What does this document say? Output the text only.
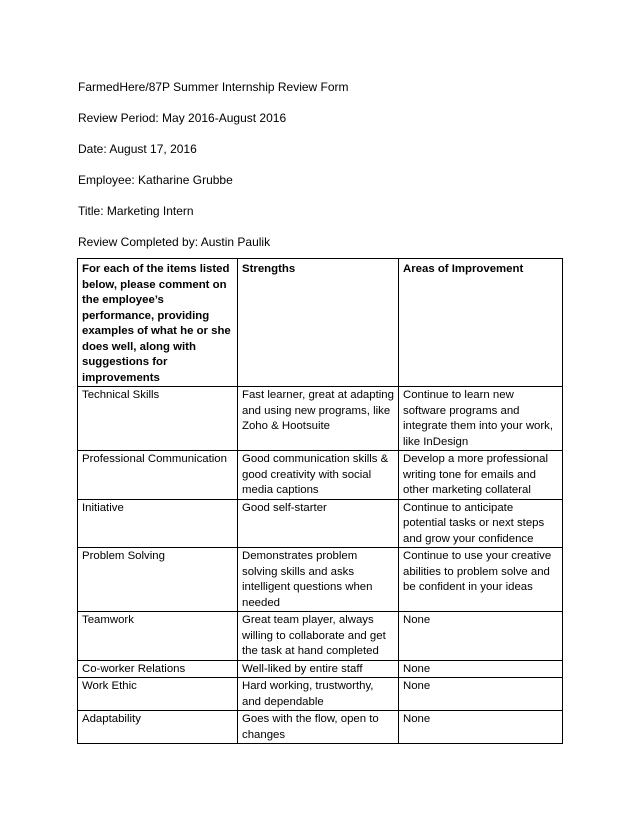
FarmedHere/87P Summer Internship Review Form
Review Period: May 2016-August 2016
Date: August 17, 2016
Employee: Katharine Grubbe
Title: Marketing Intern
Review Completed by: Austin Paulik
For each of the items listed below, please comment on the employee’s performance, providing examples of what he or she does well, along with suggestions for improvements	Strengths	Areas of Improvement
Technical Skills	Fast learner, great at adapting and using new programs, like Zoho & Hootsuite	Continue to learn new software programs and integrate them into your work, like InDesign
Professional Communication	Good communication skills & good creativity with social media captions	Develop a more professional writing tone for emails and other marketing collateral
Initiative	Good self-starter	Continue to anticipate potential tasks or next steps and grow your confidence
Problem Solving	Demonstrates problem solving skills and asks intelligent questions when needed	Continue to use your creative abilities to problem solve and be confident in your ideas
Teamwork	Great team player, always willing to collaborate and get the task at hand completed	None
Co-worker Relations	Well-liked by entire staff	None
Work Ethic	Hard working, trustworthy, and dependable	None
Adaptability	Goes with the flow, open to changes	None
